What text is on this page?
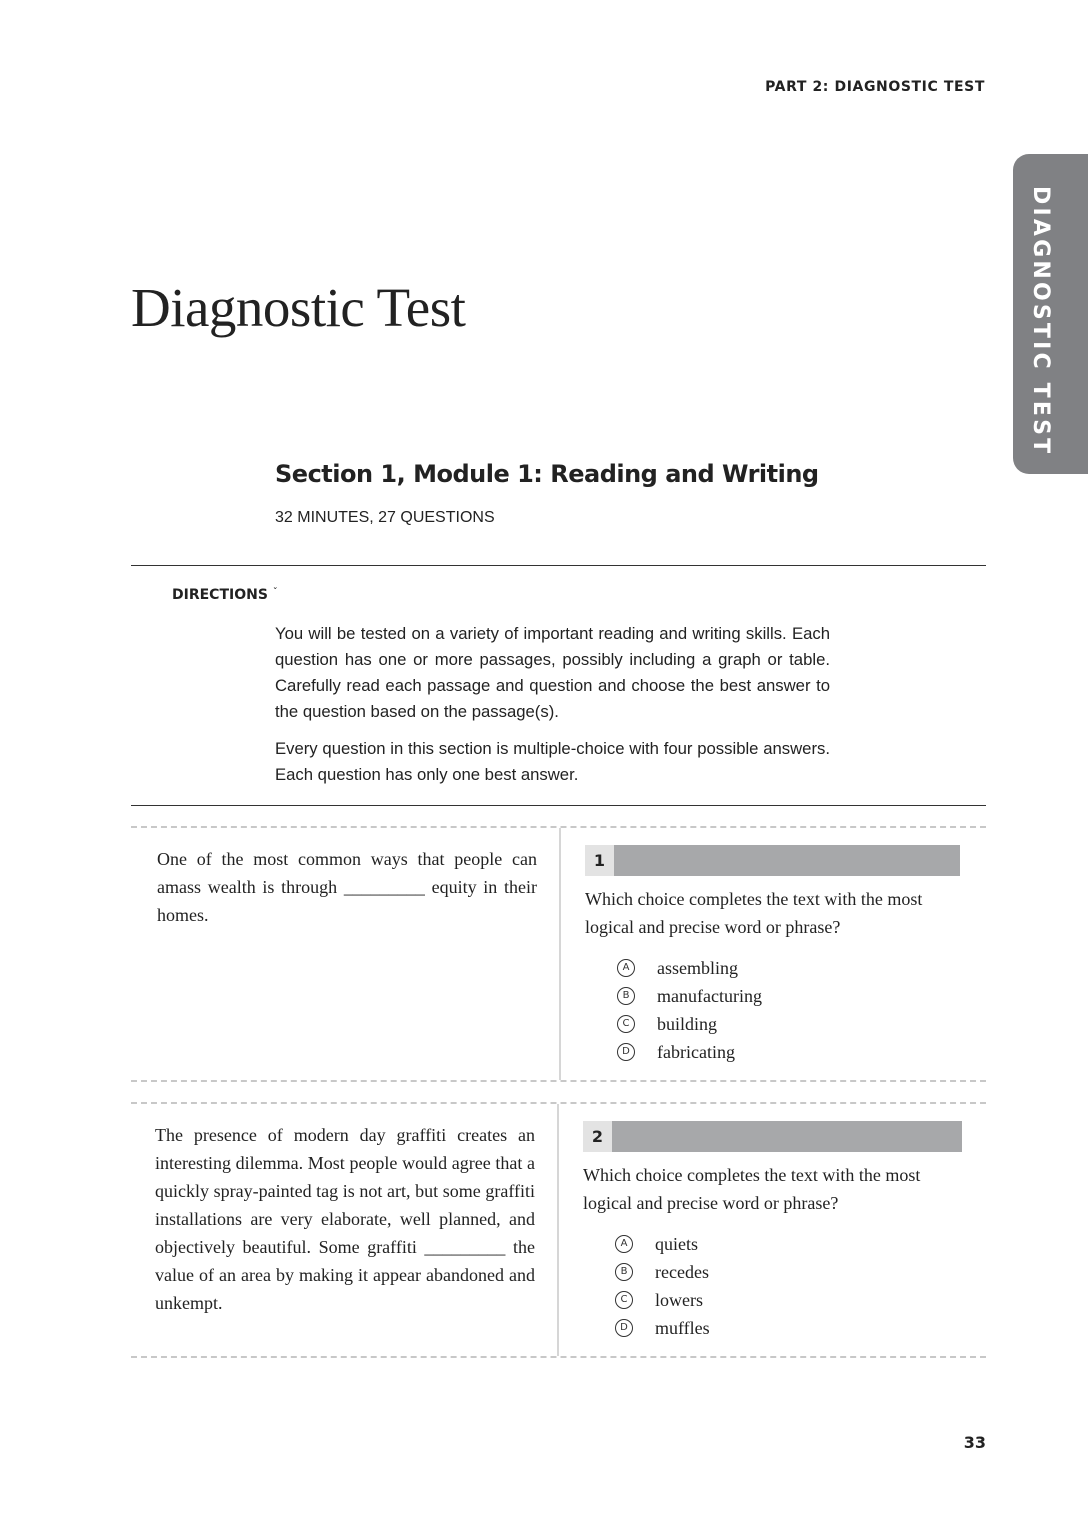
PART 2: DIAGNOSTIC TEST
DIAGNOSTIC TEST
Diagnostic Test
Section 1, Module 1: Reading and Writing
32 MINUTES, 27 QUESTIONS
DIRECTIONS $^ˇ$

You will be tested on a variety of important reading and writing skills. Each question has one or more passages, possibly including a graph or table. Carefully read each passage and question and choose the best answer to the question based on the passage(s).

Every question in this section is multiple-choice with four possible answers. Each question has only one best answer.

One of the most common ways that people can amass wealth is through _________ equity in their homes.

1

Which choice completes the text with the most logical and precise word or phrase?

A	assembling
B	manufacturing
C	building
D fabricating

The presence of modern day graffiti creates an interesting dilemma. Most people would agree that a quickly spray-painted tag is not art, but some graffiti installations are very elaborate, well planned, and objectively beautiful. Some graffiti _________ the value of an area by making it appear abandoned and unkempt.

2

Which choice completes the text with the most logical and precise word or phrase?

A	quiets
B	recedes
C	lowers
D muffles
33
